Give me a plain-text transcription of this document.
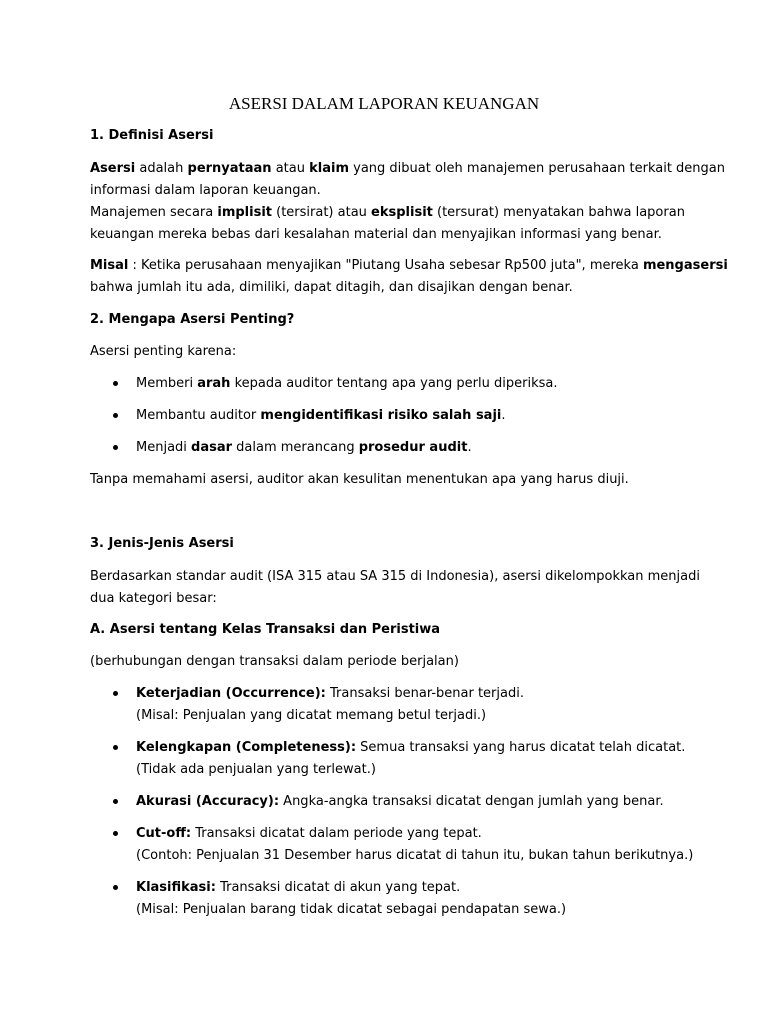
ASERSI DALAM LAPORAN KEUANGAN
1. Definisi Asersi
Asersi adalah pernyataan atau klaim yang dibuat oleh manajemen perusahaan terkait dengan
informasi dalam laporan keuangan.
Manajemen secara implisit (tersirat) atau eksplisit (tersurat) menyatakan bahwa laporan
keuangan mereka bebas dari kesalahan material dan menyajikan informasi yang benar.
Misal : Ketika perusahaan menyajikan "Piutang Usaha sebesar Rp500 juta", mereka mengasersi
bahwa jumlah itu ada, dimiliki, dapat ditagih, dan disajikan dengan benar.
2. Mengapa Asersi Penting?
Asersi penting karena:
Memberi arah kepada auditor tentang apa yang perlu diperiksa.
Membantu auditor mengidentifikasi risiko salah saji.
Menjadi dasar dalam merancang prosedur audit.
Tanpa memahami asersi, auditor akan kesulitan menentukan apa yang harus diuji.
3. Jenis-Jenis Asersi
Berdasarkan standar audit (ISA 315 atau SA 315 di Indonesia), asersi dikelompokkan menjadi
dua kategori besar:
A. Asersi tentang Kelas Transaksi dan Peristiwa
(berhubungan dengan transaksi dalam periode berjalan)
Keterjadian (Occurrence): Transaksi benar-benar terjadi.
(Misal: Penjualan yang dicatat memang betul terjadi.)
Kelengkapan (Completeness): Semua transaksi yang harus dicatat telah dicatat.
(Tidak ada penjualan yang terlewat.)
Akurasi (Accuracy): Angka-angka transaksi dicatat dengan jumlah yang benar.
Cut-off: Transaksi dicatat dalam periode yang tepat.
(Contoh: Penjualan 31 Desember harus dicatat di tahun itu, bukan tahun berikutnya.)
Klasifikasi: Transaksi dicatat di akun yang tepat.
(Misal: Penjualan barang tidak dicatat sebagai pendapatan sewa.)
